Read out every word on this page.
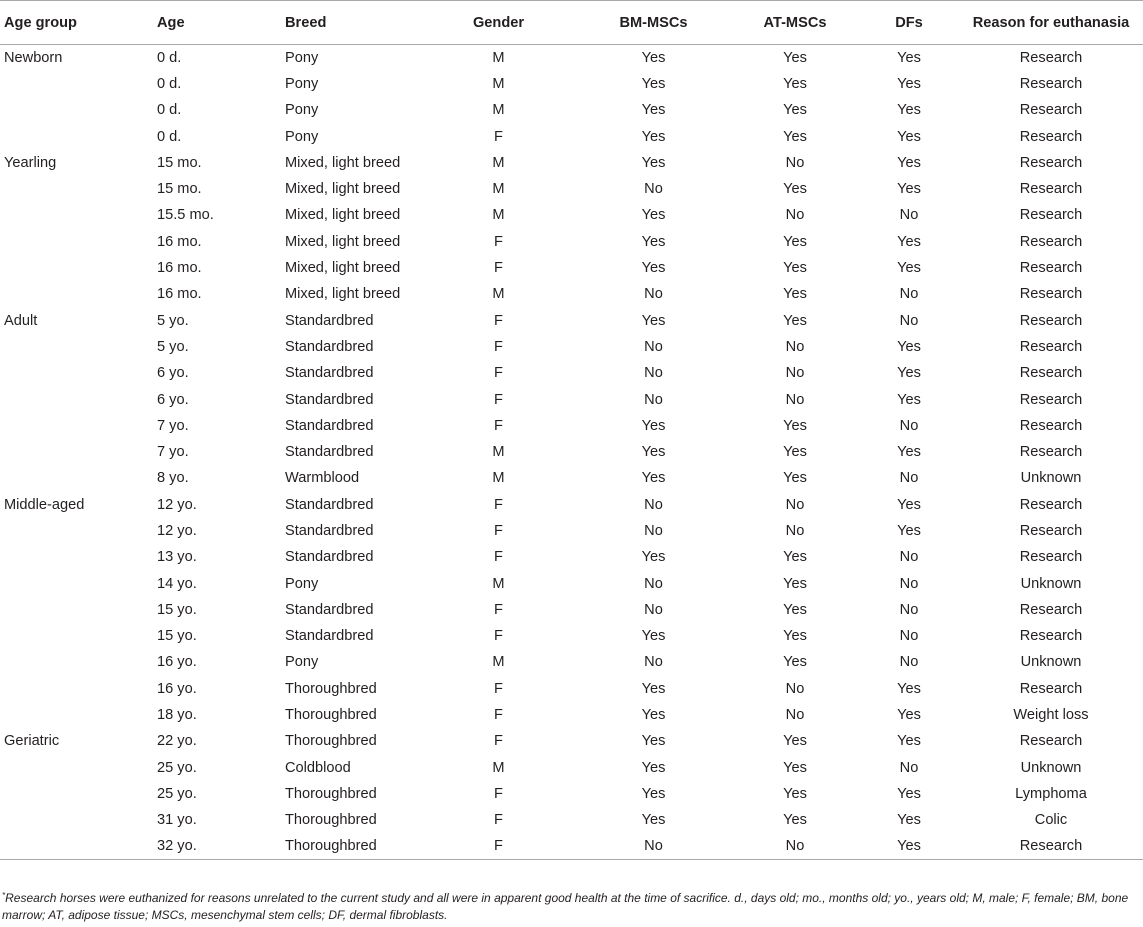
Age group	Age	Breed	Gender	BM-MSCs	AT-MSCs	DFs	Reason for euthanasia
Newborn	0 d.	Pony	M	Yes	Yes	Yes	Research
	0 d.	Pony	M	Yes	Yes	Yes	Research
	0 d.	Pony	M	Yes	Yes	Yes	Research
	0 d.	Pony	F	Yes	Yes	Yes	Research
Yearling	15 mo.	Mixed, light breed	M	Yes	No	Yes	Research
	15 mo.	Mixed, light breed	M	No	Yes	Yes	Research
	15.5 mo.	Mixed, light breed	M	Yes	No	No	Research
	16 mo.	Mixed, light breed	F	Yes	Yes	Yes	Research
	16 mo.	Mixed, light breed	F	Yes	Yes	Yes	Research
	16 mo.	Mixed, light breed	M	No	Yes	No	Research
Adult	5 yo.	Standardbred	F	Yes	Yes	No	Research
	5 yo.	Standardbred	F	No	No	Yes	Research
	6 yo.	Standardbred	F	No	No	Yes	Research
	6 yo.	Standardbred	F	No	No	Yes	Research
	7 yo.	Standardbred	F	Yes	Yes	No	Research
	7 yo.	Standardbred	M	Yes	Yes	Yes	Research
	8 yo.	Warmblood	M	Yes	Yes	No	Unknown
Middle-aged	12 yo.	Standardbred	F	No	No	Yes	Research
	12 yo.	Standardbred	F	No	No	Yes	Research
	13 yo.	Standardbred	F	Yes	Yes	No	Research
	14 yo.	Pony	M	No	Yes	No	Unknown
	15 yo.	Standardbred	F	No	Yes	No	Research
	15 yo.	Standardbred	F	Yes	Yes	No	Research
	16 yo.	Pony	M	No	Yes	No	Unknown
	16 yo.	Thoroughbred	F	Yes	No	Yes	Research
	18 yo.	Thoroughbred	F	Yes	No	Yes	Weight loss
Geriatric	22 yo.	Thoroughbred	F	Yes	Yes	Yes	Research
	25 yo.	Coldblood	M	Yes	Yes	No	Unknown
	25 yo.	Thoroughbred	F	Yes	Yes	Yes	Lymphoma
	31 yo.	Thoroughbred	F	Yes	Yes	Yes	Colic
	32 yo.	Thoroughbred	F	No	No	Yes	Research
*Research horses were euthanized for reasons unrelated to the current study and all were in apparent good health at the time of sacrifice. d., days old; mo., months old; yo., years old; M, male; F, female; BM, bone marrow; AT, adipose tissue; MSCs, mesenchymal stem cells; DF, dermal fibroblasts.
